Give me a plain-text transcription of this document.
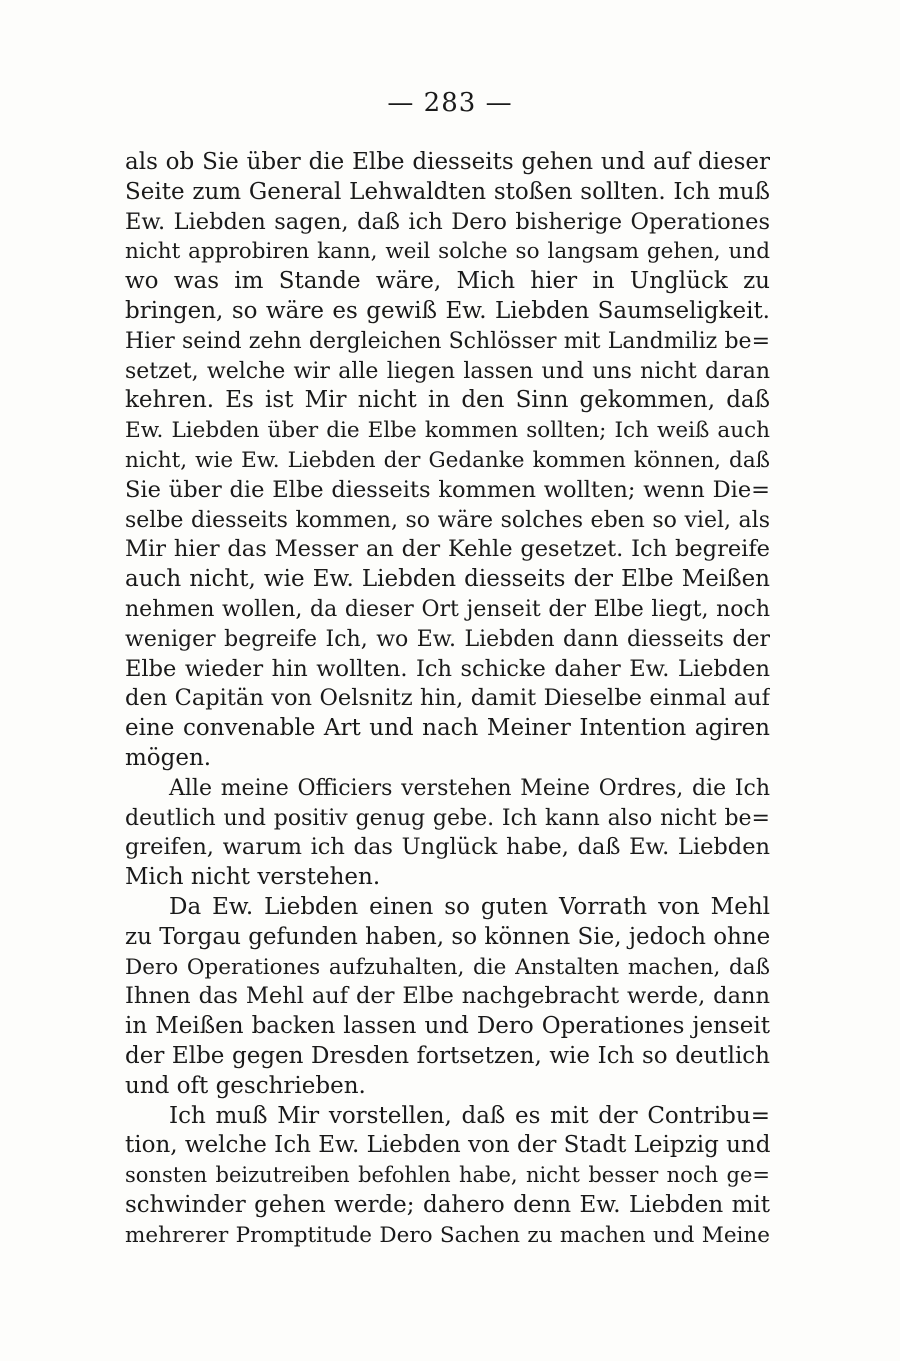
— 283 —
als ob Sie über die Elbe diesseits gehen und auf dieser
Seite zum General Lehwaldten stoßen sollten. Ich muß
Ew. Liebden sagen, daß ich Dero bisherige Operationes
nicht approbiren kann, weil solche so langsam gehen, und
wo was im Stande wäre, Mich hier in Unglück zu
bringen, so wäre es gewiß Ew. Liebden Saumseligkeit.
Hier seind zehn dergleichen Schlösser mit Landmiliz be=
setzet, welche wir alle liegen lassen und uns nicht daran
kehren. Es ist Mir nicht in den Sinn gekommen, daß
Ew. Liebden über die Elbe kommen sollten; Ich weiß auch
nicht, wie Ew. Liebden der Gedanke kommen können, daß
Sie über die Elbe diesseits kommen wollten; wenn Die=
selbe diesseits kommen, so wäre solches eben so viel, als
Mir hier das Messer an der Kehle gesetzet. Ich begreife
auch nicht, wie Ew. Liebden diesseits der Elbe Meißen
nehmen wollen, da dieser Ort jenseit der Elbe liegt, noch
weniger begreife Ich, wo Ew. Liebden dann diesseits der
Elbe wieder hin wollten. Ich schicke daher Ew. Liebden
den Capitän von Oelsnitz hin, damit Dieselbe einmal auf
eine convenable Art und nach Meiner Intention agiren
mögen.
Alle meine Officiers verstehen Meine Ordres, die Ich
deutlich und positiv genug gebe. Ich kann also nicht be=
greifen, warum ich das Unglück habe, daß Ew. Liebden
Mich nicht verstehen.
Da Ew. Liebden einen so guten Vorrath von Mehl
zu Torgau gefunden haben, so können Sie, jedoch ohne
Dero Operationes aufzuhalten, die Anstalten machen, daß
Ihnen das Mehl auf der Elbe nachgebracht werde, dann
in Meißen backen lassen und Dero Operationes jenseit
der Elbe gegen Dresden fortsetzen, wie Ich so deutlich
und oft geschrieben.
Ich muß Mir vorstellen, daß es mit der Contribu=
tion, welche Ich Ew. Liebden von der Stadt Leipzig und
sonsten beizutreiben befohlen habe, nicht besser noch ge=
schwinder gehen werde; dahero denn Ew. Liebden mit
mehrerer Promptitude Dero Sachen zu machen und Meine
